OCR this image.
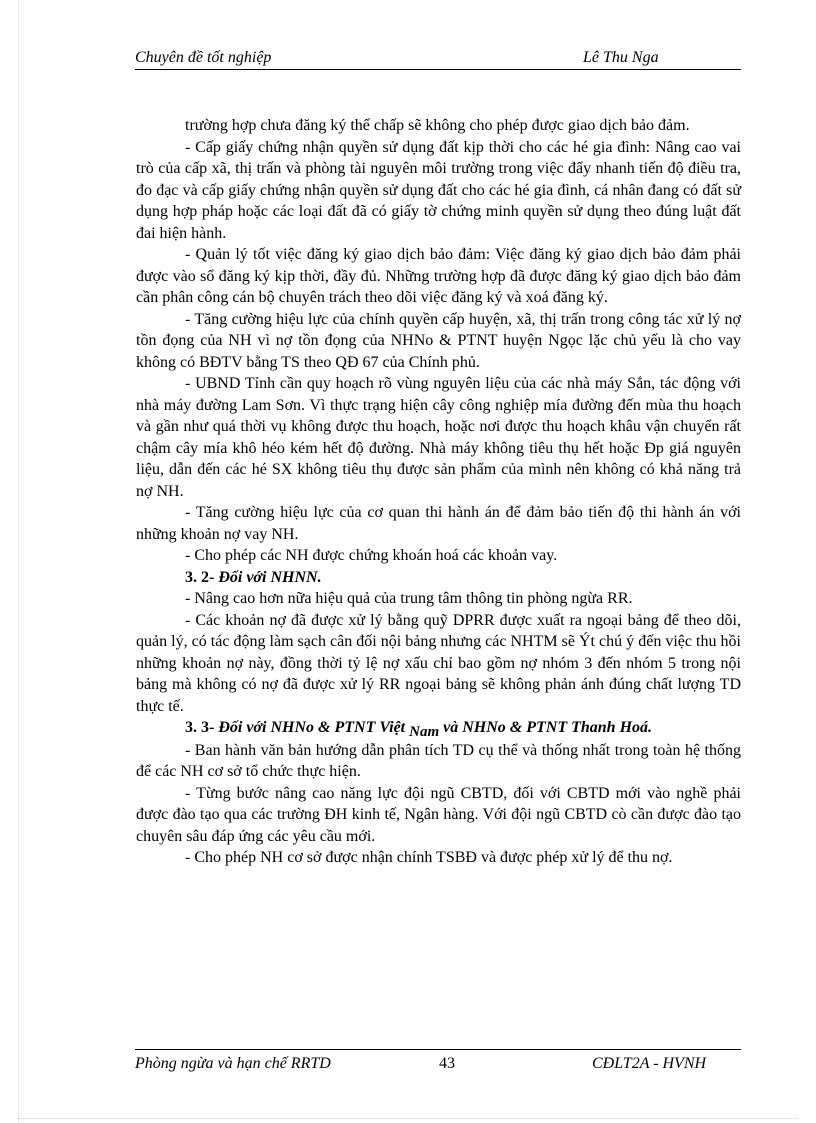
Chuyên đề tốt nghiệp	Lê Thu Nga

trường hợp chưa đăng ký thế chấp sẽ không cho phép được giao dịch bảo đảm.

- Cấp giấy chứng nhận quyền sử dụng đất kịp thời cho các hé gia đình: Nâng cao vai trò của cấp xã, thị trấn và phòng tài nguyên môi trường trong việc đẩy nhanh tiến độ điều tra, đo đạc và cấp giấy chứng nhận quyền sử dụng đất cho các hé gia đình, cá nhân đang có đất sử dụng hợp pháp hoặc các loại đất đã có giấy tờ chứng minh quyền sử dụng theo đúng luật đất đai hiện hành.

- Quản lý tốt việc đăng ký giao dịch bảo đảm: Việc đăng ký giao dịch bảo đảm phải được vào sổ đăng ký kịp thời, đầy đủ. Những trường hợp đã được đăng ký giao dịch bảo đảm cần phân công cán bộ chuyên trách theo dõi việc đăng ký và xoá đăng ký.

- Tăng cường hiệu lực của chính quyền cấp huyện, xã, thị trấn trong công tác xử lý nợ tồn đọng của NH vì nợ tồn đọng của NHNo & PTNT huyện Ngọc lặc chủ yếu là cho vay không có BĐTV bằng TS theo QĐ 67 của Chính phủ.

- UBND Tỉnh cần quy hoạch rõ vùng nguyên liệu của các nhà máy Sắn, tác động với nhà máy đường Lam Sơn. Vì thực trạng hiện cây công nghiệp mía đường đến mùa thu hoạch và gần như quá thời vụ không được thu hoạch, hoặc nơi được thu hoạch khâu vận chuyển rất chậm cây mía khô héo kém hết độ đường. Nhà máy không tiêu thụ hết hoặc Đp giá nguyên liệu, dẫn đến các hé SX không tiêu thụ được sản phẩm của mình nên không có khả năng trả nợ NH.

- Tăng cường hiệu lực của cơ quan thi hành án để đảm bảo tiến độ thi hành án với những khoản nợ vay NH.

- Cho phép các NH được chứng khoán hoá các khoản vay.

3. 2- Đối với NHNN.

- Nâng cao hơn nữa hiệu quả của trung tâm thông tin phòng ngừa RR.

- Các khoản nợ đã được xử lý bằng quỹ DPRR được xuất ra ngoại bảng để theo dõi, quản lý, có tác động làm sạch cân đối nội bảng nhưng các NHTM sẽ Ýt chú ý đến việc thu hồi những khoản nợ này, đồng thời tỷ lệ nợ xấu chỉ bao gồm nợ nhóm 3 đến nhóm 5 trong nội bảng mà không có nợ đã được xử lý RR ngoại bảng sẽ không phản ánh đúng chất lượng TD thực tế.

3. 3- Đối với NHNo & PTNT Việt Nam và NHNo & PTNT Thanh Hoá.

- Ban hành văn bản hướng dẫn phân tích TD cụ thể và thống nhất trong toàn hệ thống để các NH cơ sở tổ chức thực hiện.

- Từng bước nâng cao năng lực đội ngũ CBTD, đối với CBTD mới vào nghề phải được đào tạo qua các trường ĐH kinh tế, Ngân hàng. Với đội ngũ CBTD cò cần được đào tạo chuyên sâu đáp ứng các yêu cầu mới.

- Cho phép NH cơ sở được nhận chính TSBĐ và được phép xử lý để thu nợ.

Phòng ngừa và hạn chế RRTD	43	CĐLT2A - HVNH
